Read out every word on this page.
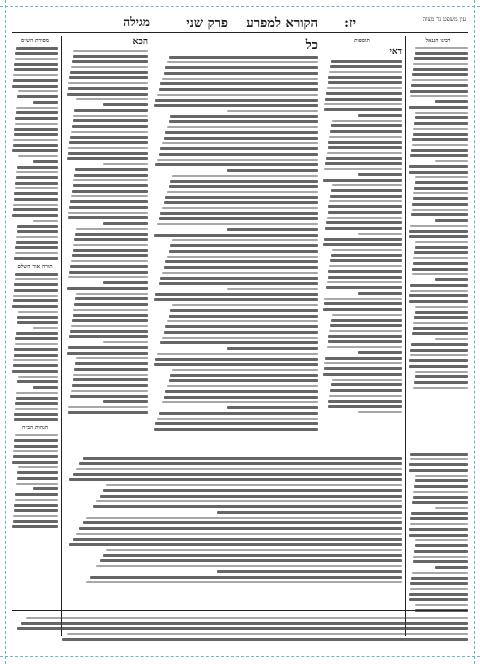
יז:
הקורא למפרע
פרק שני
מגילה	עין משפט נר מצוה
רבינו חננאל
תוספות
דאי
כל
הכא
מסורת הש״ס
תורה אור השלם
הגהות הב״ח
